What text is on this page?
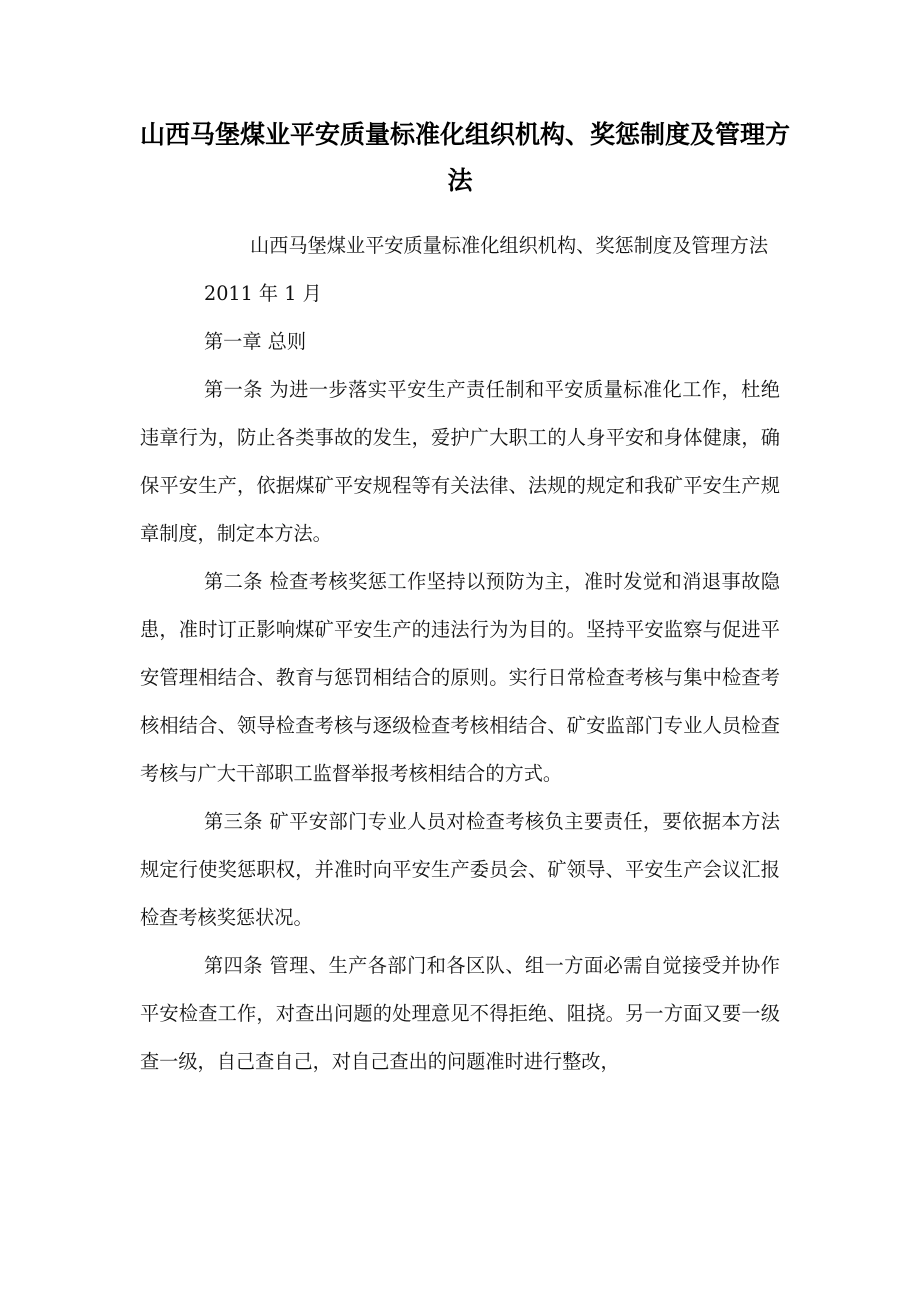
山西马堡煤业平安质量标准化组织机构、奖惩制度及管理方
法

山西马堡煤业平安质量标准化组织机构、奖惩制度及管理方法

2011 年 1 月

第一章 总则

第一条 为进一步落实平安生产责任制和平安质量标准化工作，杜绝违章行为，防止各类事故的发生，爱护广大职工的人身平安和身体健康，确保平安生产，依据煤矿平安规程等有关法律、法规的规定和我矿平安生产规章制度，制定本方法。

第二条 检查考核奖惩工作坚持以预防为主，准时发觉和消退事故隐患，准时订正影响煤矿平安生产的违法行为为目的。坚持平安监察与促进平安管理相结合、教育与惩罚相结合的原则。实行日常检查考核与集中检查考核相结合、领导检查考核与逐级检查考核相结合、矿安监部门专业人员检查考核与广大干部职工监督举报考核相结合的方式。

第三条 矿平安部门专业人员对检查考核负主要责任，要依据本方法规定行使奖惩职权，并准时向平安生产委员会、矿领导、平安生产会议汇报检查考核奖惩状况。

第四条 管理、生产各部门和各区队、组一方面必需自觉接受并协作平安检查工作，对查出问题的处理意见不得拒绝、阻挠。另一方面又要一级查一级，自己查自己，对自己查出的问题准时进行整改，
